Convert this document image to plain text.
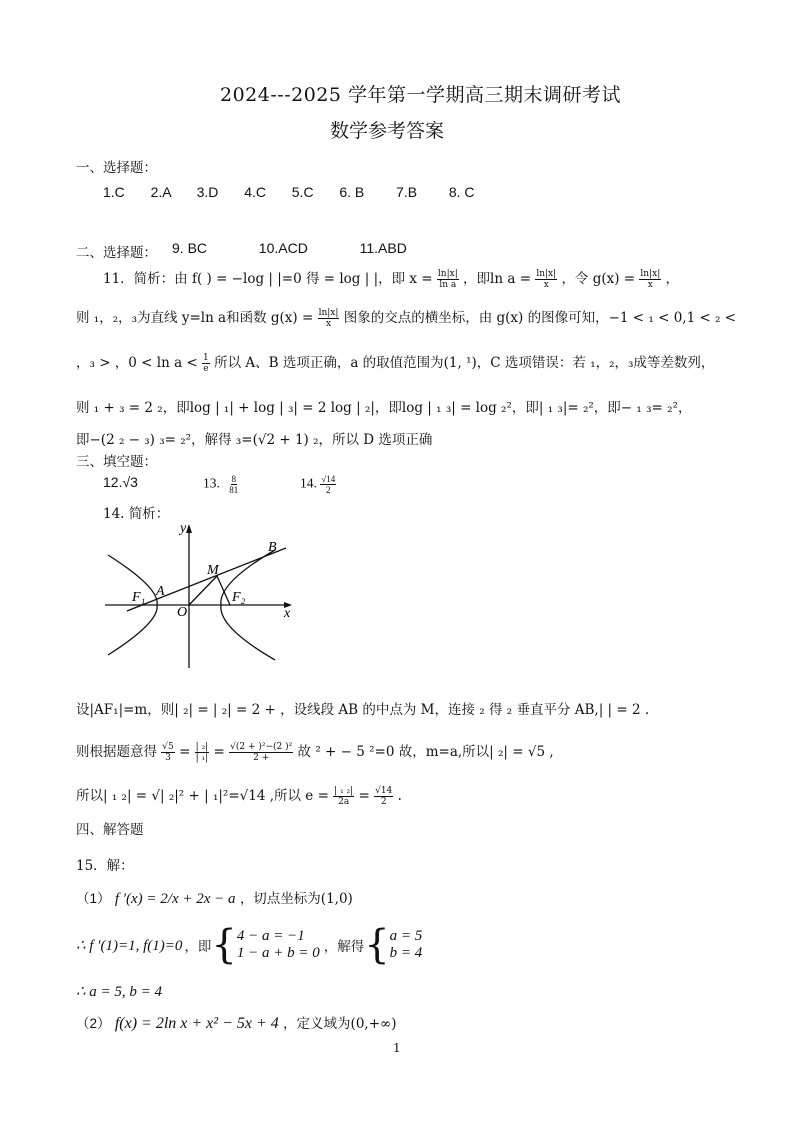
2024---2025 学年第一学期高三期末调研考试
数学参考答案
一、选择题：
1.C 2.A 3.D 4.C 5.C 6. B 7.B 8. C
二、选择题： 9. BC	10.ACD	11.ABD
11．简析：由 f( ) = −log | |=0 得 = log | |，即 $x = \frac{\ln|x|}{\text{ln a}}$ ，即$\ln a = \frac{\ln|x|}{x}$ ，令 $g(x) = \frac{\ln|x|}{x}$ ，
则 ₁，₂，₃为直线 y=ln a和函数 $g(x) = \frac{\ln|x|}{x}$ 图象的交点的横坐标，由 g(x) 的图像可知，−1 < ₁ < 0,1 < ₂ <
，₃ > ，$0 < \ln a < \frac{1}{e}$ 所以 A、B 选项正确，a 的取值范围为(1, ¹)，C 选项错误：若 ₁，₂，₃成等差数列，
则 ₁ + ₃ = 2 ₂，即log | ₁| + log | ₃| = 2 log | ₂|，即log | ₁ ₃| = log ₂²，即| ₁ ₃|= ₂²，即− ₁ ₃= ₂²，
即−(2 ₂ − ₃) ₃= ₂²，解得 ₃=(√2 + 1) ₂，所以 D 选项正确
三、填空题：
12.√3	13. $\frac{8}{81}$	14. $\frac{√14}{2}$
14. 简析：
y
x
O
A
B
M
F₁	F₂
设|AF₁|=m，则| ₂| = | ₂| = 2 + ，设线段 AB 的中点为 M，连接 ₂ 得 ₂ 垂直平分 AB,| | = 2 .
则根据题意得 $\frac{√5}{3} = \frac{\text{| ₂|}}{\text{| ₁|}} = \frac{\text{√(2 + )²−(2 )²}}{2 +}$ 故 ² + − 5 ²=0 故，m=a,所以| ₂| = √5 ,
所以| ₁ ₂| = √| ₂|² + | ₁|²=√14 ,所以 $e = \frac{\text{| ₁ ₂|}}{2a} = \frac{√14}{2}$ .
四、解答题
15．解：
（1） f ′(x) = 2/x + 2x − a ，切点坐标为(1,0)
∴ f ′(1)=1, f(1)=0 ，即 { 4 − a = −1
1 − a + b = 0 ，解得 { a = 5
b = 4
∴ a = 5, b = 4
（2） f(x) = 2ln x + x² − 5x + 4 ，定义域为(0,+∞)
1
